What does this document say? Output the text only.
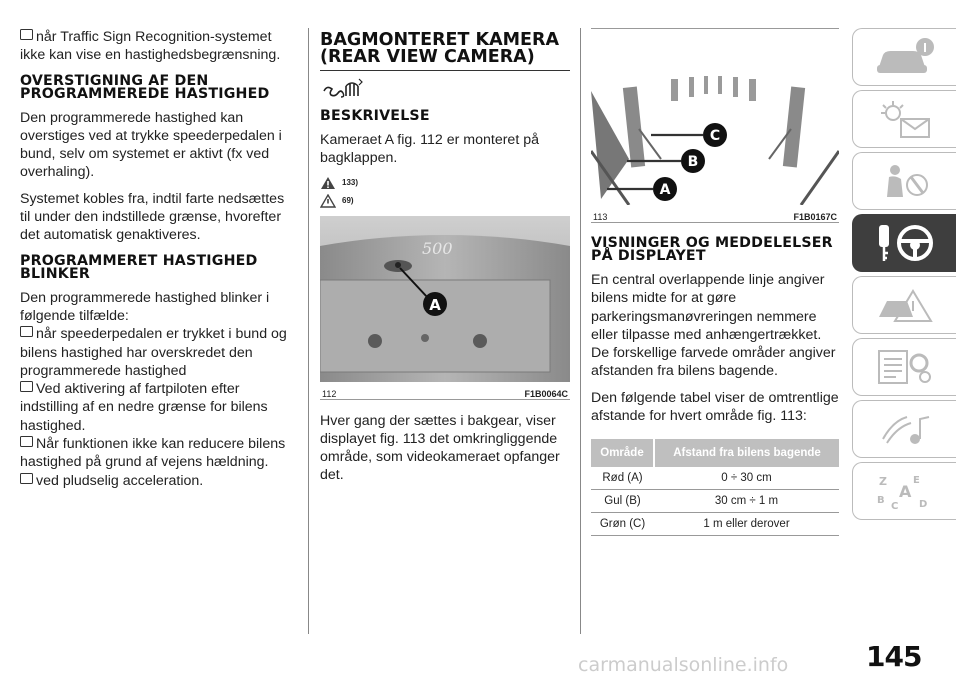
når Traffic Sign Recognition-systemet ikke kan vise en hastighedsbegrænsning.

OVERSTIGNING AF DEN PROGRAMMEREDE HASTIGHED

Den programmerede hastighed kan overstiges ved at trykke speederpedalen i bund, selv om systemet er aktivt (fx ved overhaling).

Systemet kobles fra, indtil farte nedsættes til under den indstillede grænse, hvorefter det automatisk genaktiveres.

PROGRAMMERET HASTIGHED BLINKER

Den programmerede hastighed blinker i følgende tilfælde:

når speederpedalen er trykket i bund og bilens hastighed har overskredet den programmerede hastighed

Ved aktivering af fartpiloten efter indstilling af en nedre grænse for bilens hastighed.

Når funktionen ikke kan reducere bilens hastighed på grund af vejens hældning.

ved pludselig acceleration.

BAGMONTERET KAMERA (REAR VIEW CAMERA)
BESKRIVELSE

Kameraet A fig. 112 er monteret på bagklappen.

133)
69)
500
A
112	F1B0064C

Hver gang der sættes i bakgear, viser displayet fig. 113 det omkringliggende område, som videokameraet opfanger det.

A
B
C
113	F1B0167C
VISNINGER OG MEDDELELSER PÅ DISPLAYET

En central overlappende linje angiver bilens midte for at gøre parkeringsmanøvreringen nemmere eller tilpasse med anhængertrækket. De forskellige farvede områder angiver afstanden fra bilens bagende.

Den følgende tabel viser de omtrentlige afstande for hvert område fig. 113:

Område	Afstand fra bilens bagende
Rød (A)	0 ÷ 30 cm
Gul (B)	30 cm ÷ 1 m
Grøn (C)	1 m eller derover
Z	E
A
B
C D
145
carmanualsonline.info
